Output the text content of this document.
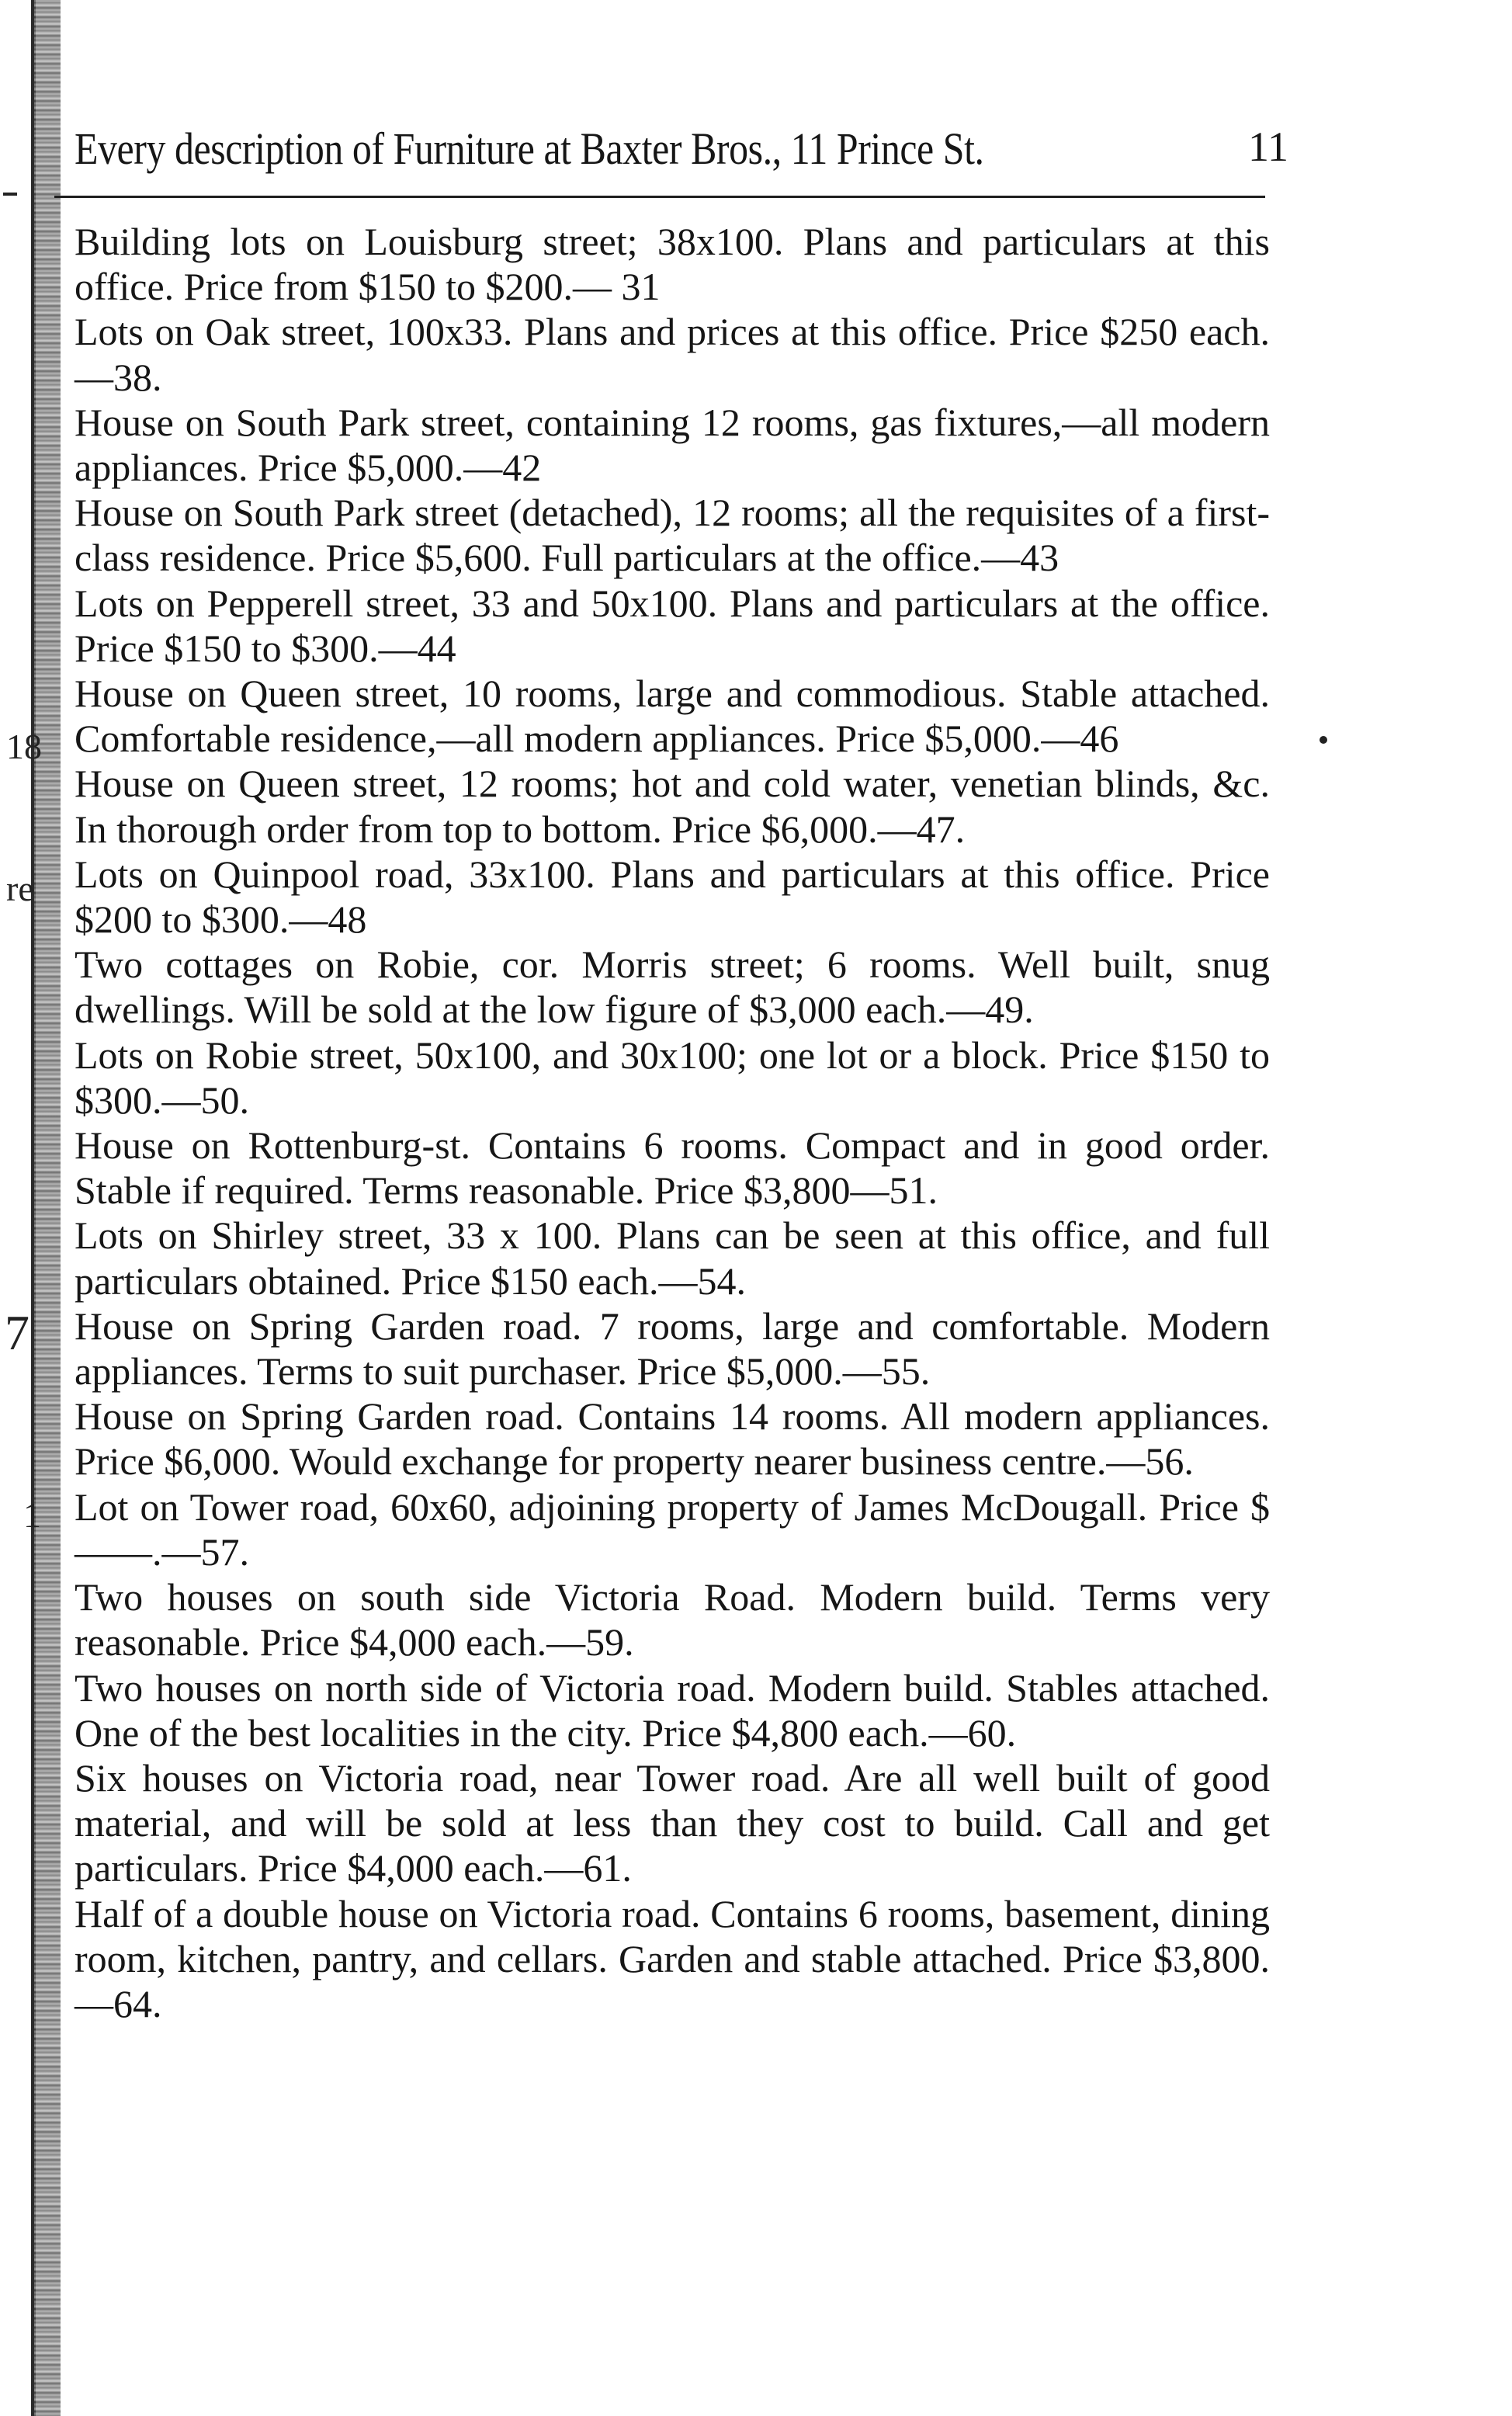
Every description of Furniture at Baxter Bros., 11 Prince St.	11
18
re
7
1

Building lots on Louisburg street; 38x100. Plans and particulars at this office. Price from $150 to $200.— 31

Lots on Oak street, 100x33. Plans and prices at this office. Price $250 each.—38.

House on South Park street, containing 12 rooms, gas fixtures,—all modern appliances. Price $5,000.—42

House on South Park street (detached), 12 rooms; all the requisites of a first-class residence. Price $5,600. Full particulars at the office.—43

Lots on Pepperell street, 33 and 50x100. Plans and particulars at the office. Price $150 to $300.—44

House on Queen street, 10 rooms, large and commodious. Stable attached. Comfortable residence,—all modern appliances. Price $5,000.—46

House on Queen street, 12 rooms; hot and cold water, venetian blinds, &c. In thorough order from top to bottom. Price $6,000.—47.

Lots on Quinpool road, 33x100. Plans and particulars at this office. Price $200 to $300.—48

Two cottages on Robie, cor. Morris street; 6 rooms. Well built, snug dwellings. Will be sold at the low figure of $3,000 each.—49.

Lots on Robie street, 50x100, and 30x100; one lot or a block. Price $150 to $300.—50.

House on Rottenburg-st. Contains 6 rooms. Compact and in good order. Stable if required. Terms reasonable. Price $3,800—51.

Lots on Shirley street, 33 x 100. Plans can be seen at this office, and full particulars obtained. Price $150 each.—54.

House on Spring Garden road. 7 rooms, large and comfortable. Modern appliances. Terms to suit purchaser. Price $5,000.—55.

House on Spring Garden road. Contains 14 rooms. All modern appliances. Price $6,000. Would exchange for property nearer business centre.—56.

Lot on Tower road, 60x60, adjoining property of James McDougall. Price $——.—57.

Two houses on south side Victoria Road. Modern build. Terms very reasonable. Price $4,000 each.—59.

Two houses on north side of Victoria road. Modern build. Stables attached. One of the best localities in the city. Price $4,800 each.—60.

Six houses on Victoria road, near Tower road. Are all well built of good material, and will be sold at less than they cost to build. Call and get particulars. Price $4,000 each.—61.

Half of a double house on Victoria road. Contains 6 rooms, basement, dining room, kitchen, pantry, and cellars. Garden and stable attached. Price $3,800.—64.
